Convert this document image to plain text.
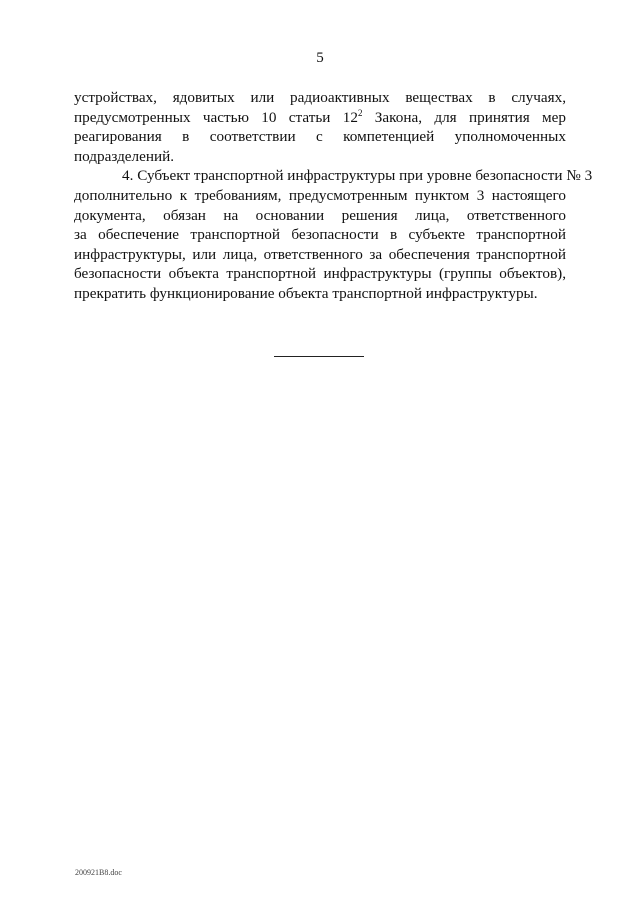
5
устройствах, ядовитых или радиоактивных веществах в случаях,
предусмотренных частью 10 статьи $12^2$ Закона, для принятия мер
реагирования в соответствии с компетенцией уполномоченных
подразделений.
4. Субъект транспортной инфраструктуры при уровне безопасности № 3
дополнительно к требованиям, предусмотренным пунктом 3 настоящего
документа, обязан на основании решения лица, ответственного
за обеспечение транспортной безопасности в субъекте транспортной
инфраструктуры, или лица, ответственного за обеспечения транспортной
безопасности объекта транспортной инфраструктуры (группы объектов),
прекратить функционирование объекта транспортной инфраструктуры.
200921B8.doc
